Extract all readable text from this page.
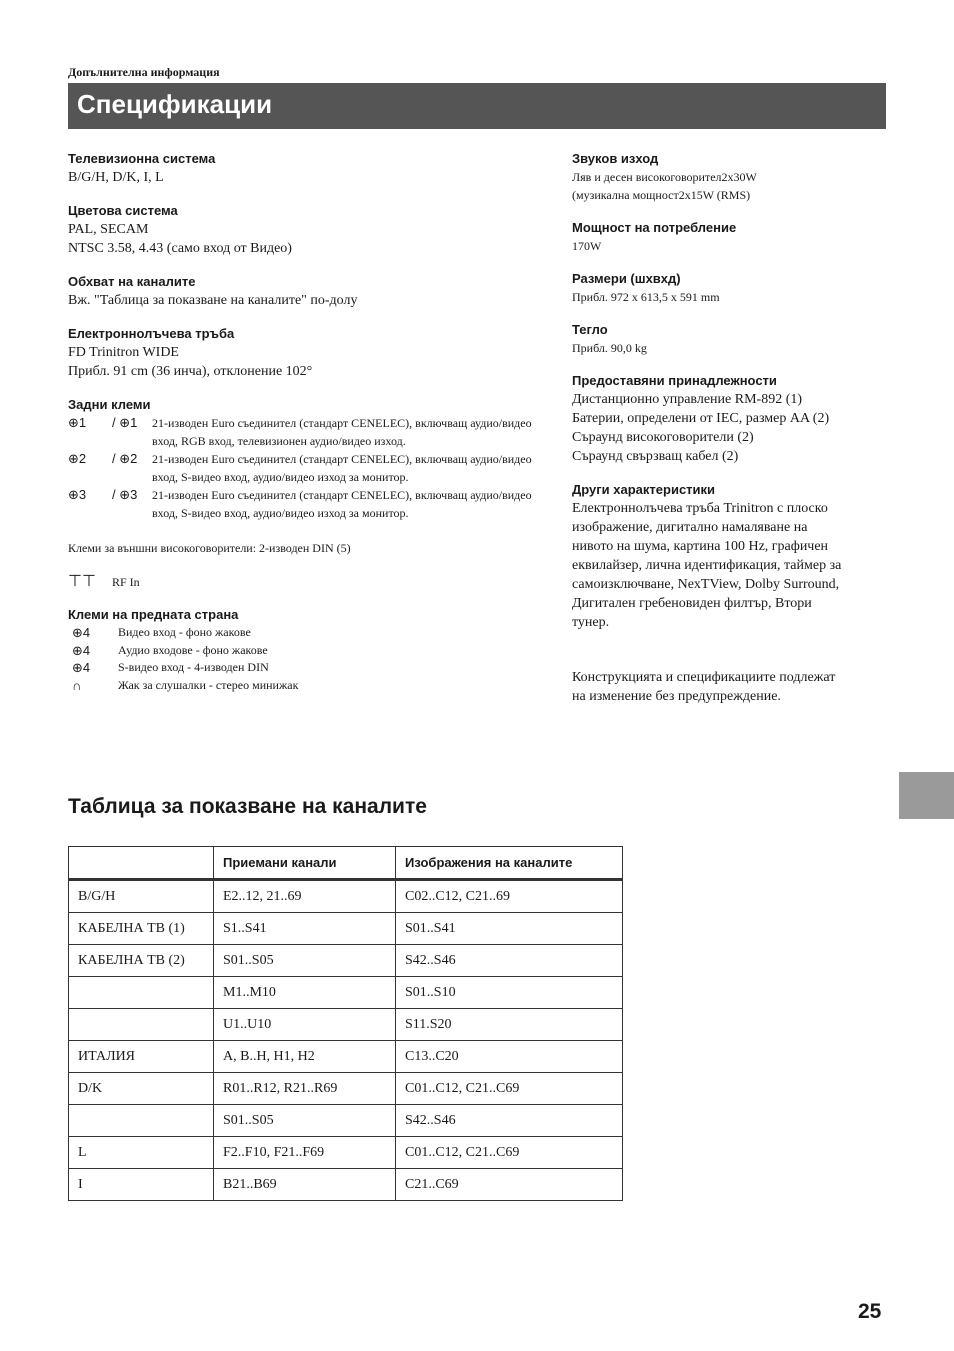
Допълнителна информация
Спецификации
Телевизионна система
B/G/H, D/K, I, L
Цветова система
PAL, SECAM
NTSC 3.58, 4.43 (само вход от Видео)
Обхват на каналите
Вж. "Таблица за показване на каналите" по-долу
Електроннолъчева тръба
FD Trinitron WIDE
Прибл. 91 cm (36 инча), отклонение 102°
Задни клеми
⊕1	/ ⊕1	21-изводен Euro съединител (стандарт CENELEC), включващ аудио/видео вход, RGB вход, телевизионен аудио/видео изход.
⊕2	/ ⊕2	21-изводен Euro съединител (стандарт CENELEC), включващ аудио/видео вход, S-видео вход, аудио/видео изход за монитор.
⊕3	/ ⊕3	21-изводен Euro съединител (стандарт CENELEC), включващ аудио/видео вход, S-видео вход, аудио/видео изход за монитор.
Клеми за външни високоговорители: 2-изводен DIN (5)
⊤⊤	RF In
Клеми на предната страна
⊕4	Видео вход - фоно жакове
⊕4	Аудио входове - фоно жакове
⊕4	S-видео вход - 4-изводен DIN
∩	Жак за слушалки - стерео минижак
Звуков изход
Ляв и десен високоговорител2x30W
(музикална мощност2x15W (RMS)
Мощност на потребление
170W
Размери (шхвхд)
Прибл. 972 x 613,5 x 591 mm
Тегло
Прибл. 90,0 kg
Предоставяни принадлежности
Дистанционно управление RM-892 (1)
Батерии, определени от IEC, размер AA (2)
Съраунд високоговорители (2)
Съраунд свързващ кабел (2)
Други характеристики
Електроннолъчева тръба Trinitron с плоско
изображение, дигитално намаляване на
нивото на шума, картина 100 Hz, графичен
еквилайзер, лична идентификация, таймер за
самоизключване, NexTView, Dolby Surround,
Дигитален гребеновиден филтър, Втори
тунер.
Конструкцията и спецификациите подлежат
на изменение без предупреждение.
Таблица за показване на каналите
	Приемани канали	Изображения на каналите
B/G/H	E2..12, 21..69	C02..C12, C21..69
КАБЕЛНА ТВ (1)	S1..S41	S01..S41
КАБЕЛНА ТВ (2)	S01..S05	S42..S46
	M1..M10	S01..S10
	U1..U10	S11.S20
ИТАЛИЯ	A, B..H, H1, H2	C13..C20
D/K	R01..R12, R21..R69	C01..C12, C21..C69
	S01..S05	S42..S46
L	F2..F10, F21..F69	C01..C12, C21..C69
I	B21..B69	C21..C69
25
